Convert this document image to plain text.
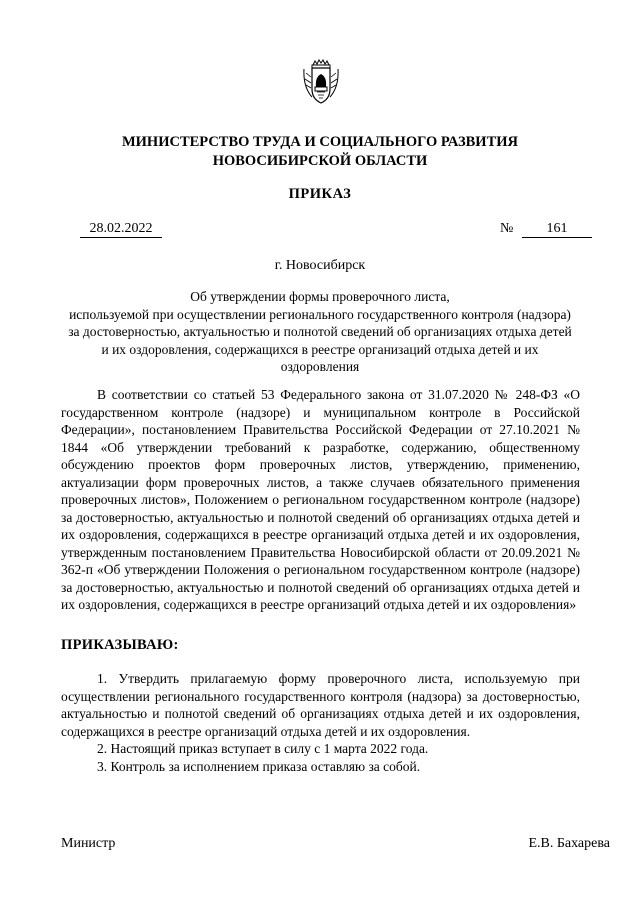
МИНИСТЕРСТВО ТРУДА И СОЦИАЛЬНОГО РАЗВИТИЯ
НОВОСИБИРСКОЙ ОБЛАСТИ
ПРИКАЗ
28.02.2022	№	161
г. Новосибирск
Об утверждении формы проверочного листа,
используемой при осуществлении регионального государственного контроля (надзора)
за достоверностью, актуальностью и полнотой сведений об организациях отдыха детей
и их оздоровления, содержащихся в реестре организаций отдыха детей и их
оздоровления

В соответствии со статьей 53 Федерального закона от 31.07.2020 № 248-ФЗ «О государственном контроле (надзоре) и муниципальном контроле в Российской Федерации», постановлением Правительства Российской Федерации от 27.10.2021 № 1844 «Об утверждении требований к разработке, содержанию, общественному обсуждению проектов форм проверочных листов, утверждению, применению, актуализации форм проверочных листов, а также случаев обязательного применения проверочных листов», Положением о региональном государственном контроле (надзоре) за достоверностью, актуальностью и полнотой сведений об организациях отдыха детей и их оздоровления, содержащихся в реестре организаций отдыха детей и их оздоровления, утвержденным постановлением Правительства Новосибирской области от 20.09.2021 № 362-п «Об утверждении Положения о региональном государственном контроле (надзоре) за достоверностью, актуальностью и полнотой сведений об организациях отдыха детей и их оздоровления, содержащихся в реестре организаций отдыха детей и их оздоровления»

ПРИКАЗЫВАЮ:

1. Утвердить прилагаемую форму проверочного листа, используемую при осуществлении регионального государственного контроля (надзора) за достоверностью, актуальностью и полнотой сведений об организациях отдыха детей и их оздоровления, содержащихся в реестре организаций отдыха детей и их оздоровления.

2. Настоящий приказ вступает в силу с 1 марта 2022 года.

3. Контроль за исполнением приказа оставляю за собой.

Министр	Е.В. Бахарева
